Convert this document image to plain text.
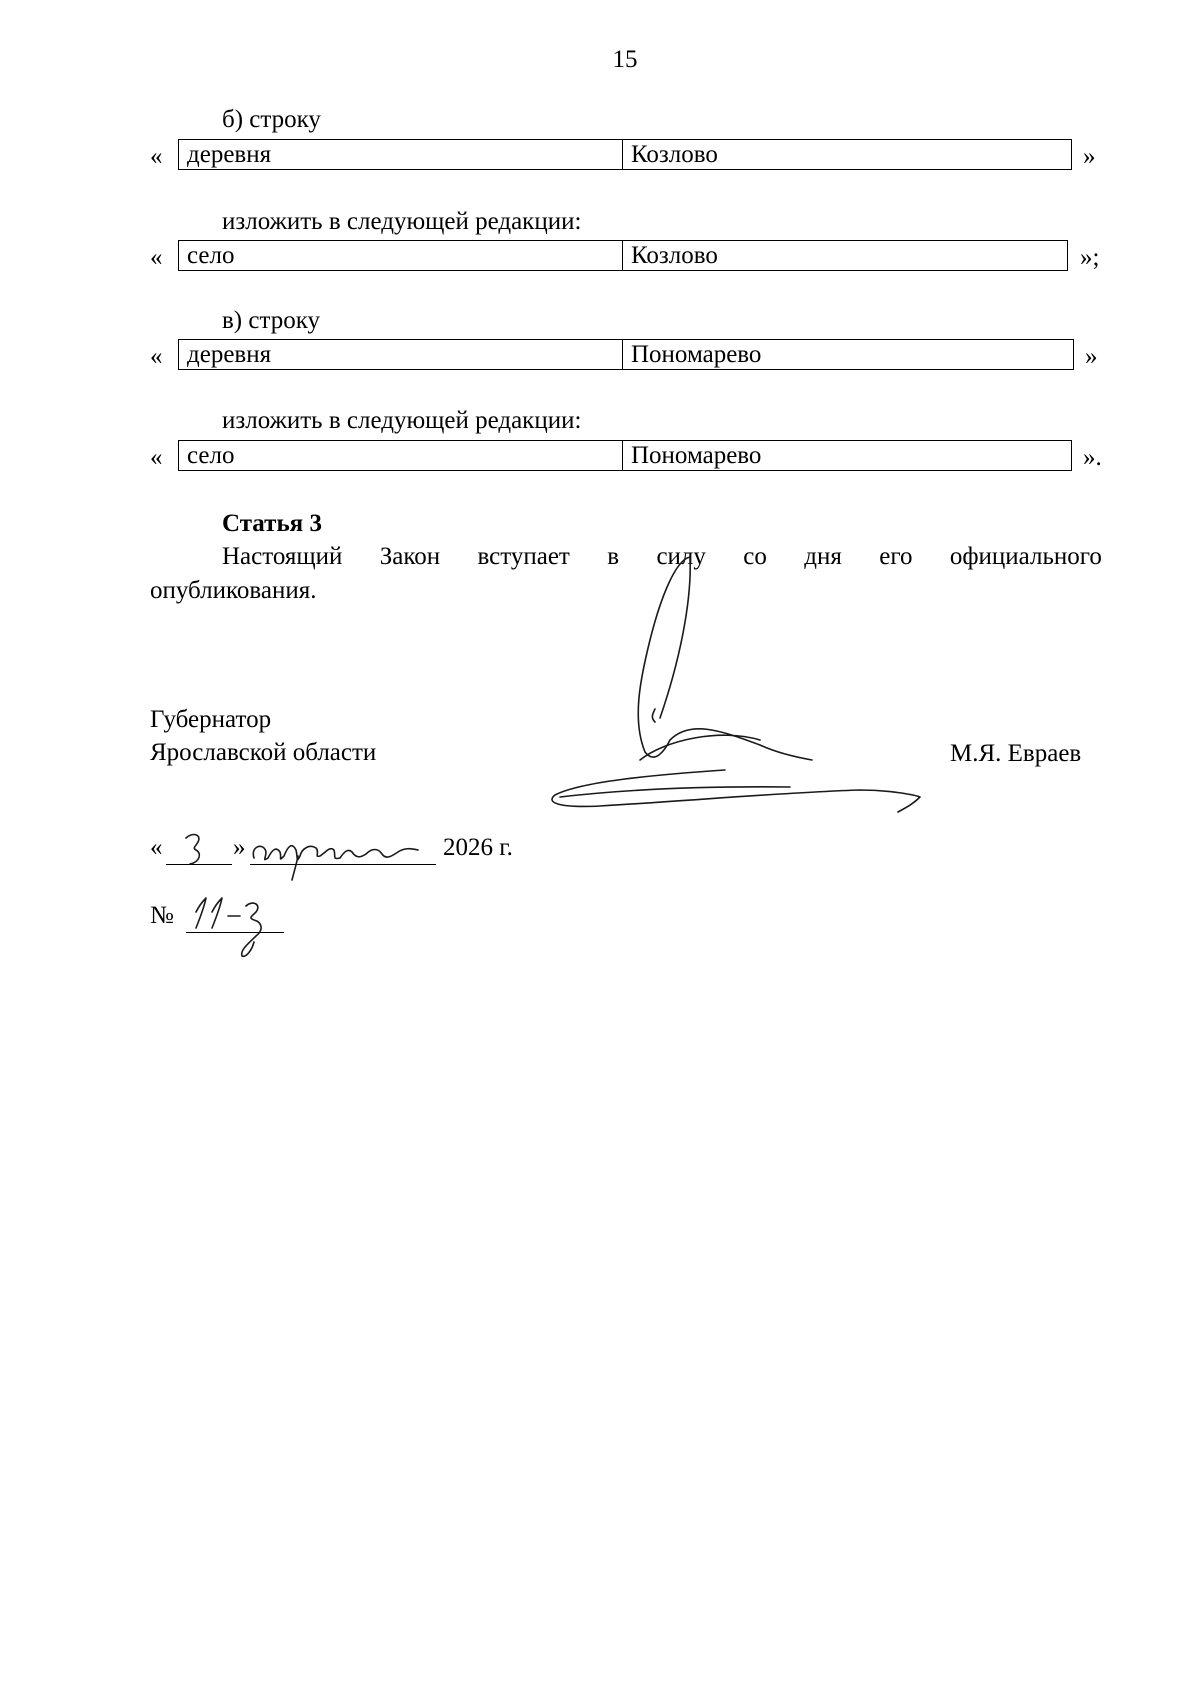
15
б) строку
« деревня	Козлово	»
изложить в следующей редакции:
« село	Козлово	»;
в) строку
« деревня	Пономарево	»
изложить в следующей редакции:
« село	Пономарево	».
Статья 3
Настоящий Закон вступает в силу со дня его официального
опубликования.
Губернатор
Ярославской области	М.Я. Евраев
«	»	2026 г.
№
